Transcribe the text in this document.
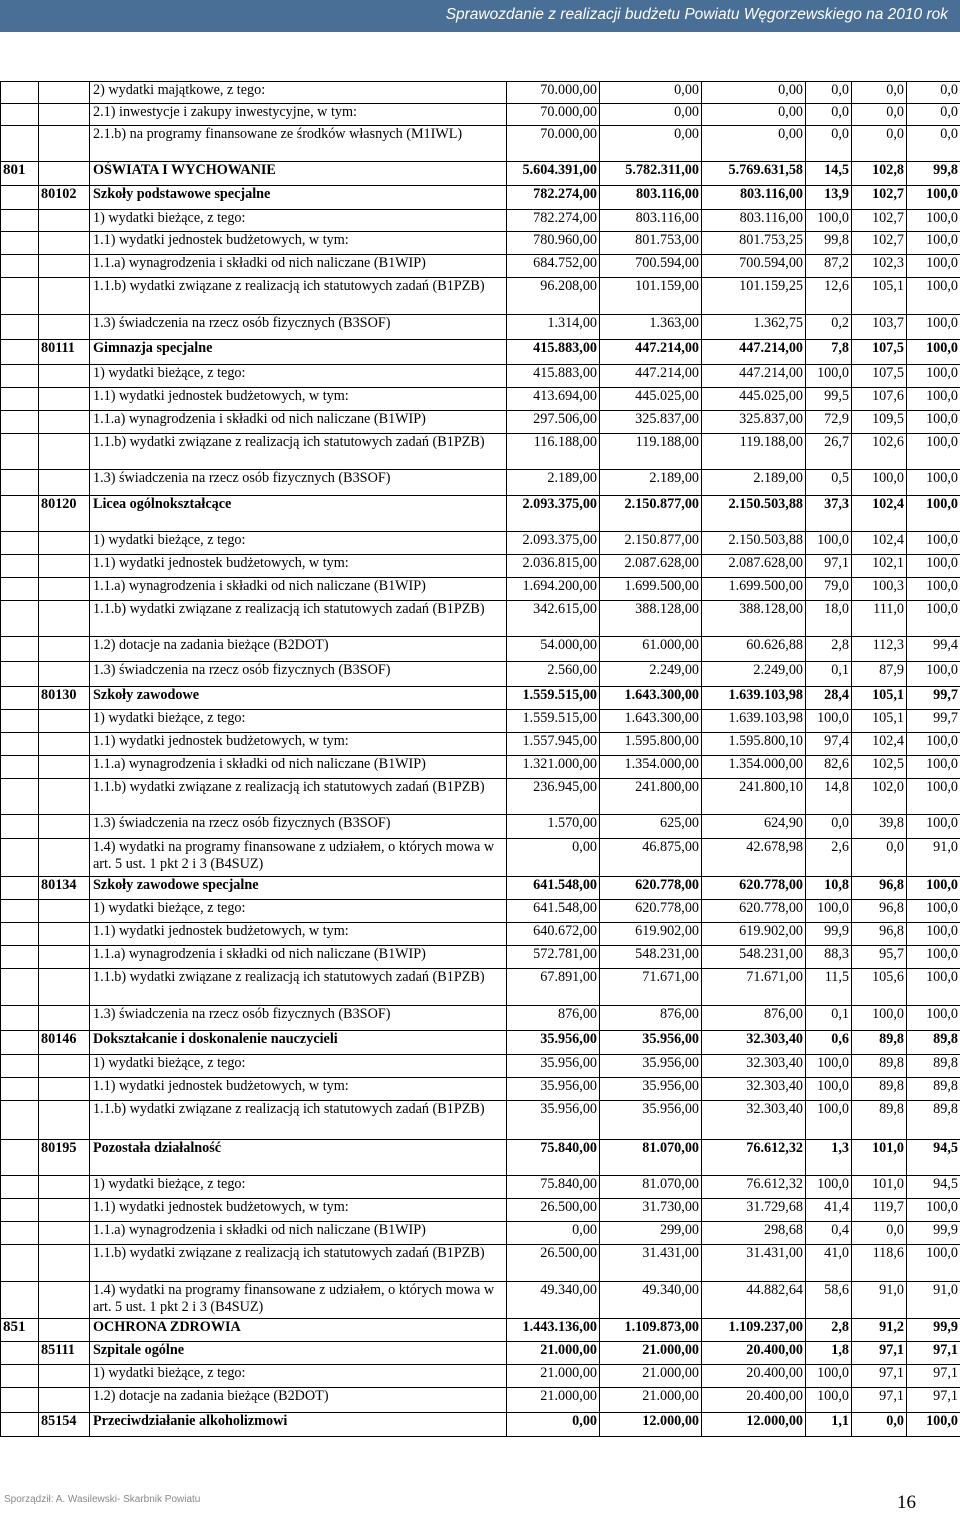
Sprawozdanie z realizacji budżetu Powiatu Węgorzewskiego na 2010 rok
		2) wydatki majątkowe, z tego:	70.000,00	0,00	0,00	0,0	0,0	0,0
		2.1) inwestycje i zakupy inwestycyjne, w tym:	70.000,00	0,00	0,00	0,0	0,0	0,0
		2.1.b) na programy finansowane ze środków własnych (M1IWL)	70.000,00	0,00	0,00	0,0	0,0	0,0
801		OŚWIATA I WYCHOWANIE	5.604.391,00	5.782.311,00	5.769.631,58	14,5	102,8	99,8
	80102	Szkoły podstawowe specjalne	782.274,00	803.116,00	803.116,00	13,9	102,7	100,0
		1) wydatki bieżące, z tego:	782.274,00	803.116,00	803.116,00	100,0	102,7	100,0
		1.1) wydatki jednostek budżetowych, w tym:	780.960,00	801.753,00	801.753,25	99,8	102,7	100,0
		1.1.a) wynagrodzenia i składki od nich naliczane (B1WIP)	684.752,00	700.594,00	700.594,00	87,2	102,3	100,0
		1.1.b) wydatki związane z realizacją ich statutowych zadań (B1PZB)	96.208,00	101.159,00	101.159,25	12,6	105,1	100,0
		1.3) świadczenia na rzecz osób fizycznych (B3SOF)	1.314,00	1.363,00	1.362,75	0,2	103,7	100,0
	80111	Gimnazja specjalne	415.883,00	447.214,00	447.214,00	7,8	107,5	100,0
		1) wydatki bieżące, z tego:	415.883,00	447.214,00	447.214,00	100,0	107,5	100,0
		1.1) wydatki jednostek budżetowych, w tym:	413.694,00	445.025,00	445.025,00	99,5	107,6	100,0
		1.1.a) wynagrodzenia i składki od nich naliczane (B1WIP)	297.506,00	325.837,00	325.837,00	72,9	109,5	100,0
		1.1.b) wydatki związane z realizacją ich statutowych zadań (B1PZB)	116.188,00	119.188,00	119.188,00	26,7	102,6	100,0
		1.3) świadczenia na rzecz osób fizycznych (B3SOF)	2.189,00	2.189,00	2.189,00	0,5	100,0	100,0
	80120	Licea ogólnokształcące	2.093.375,00	2.150.877,00	2.150.503,88	37,3	102,4	100,0
		1) wydatki bieżące, z tego:	2.093.375,00	2.150.877,00	2.150.503,88	100,0	102,4	100,0
		1.1) wydatki jednostek budżetowych, w tym:	2.036.815,00	2.087.628,00	2.087.628,00	97,1	102,1	100,0
		1.1.a) wynagrodzenia i składki od nich naliczane (B1WIP)	1.694.200,00	1.699.500,00	1.699.500,00	79,0	100,3	100,0
		1.1.b) wydatki związane z realizacją ich statutowych zadań (B1PZB)	342.615,00	388.128,00	388.128,00	18,0	111,0	100,0
		1.2) dotacje na zadania bieżące (B2DOT)	54.000,00	61.000,00	60.626,88	2,8	112,3	99,4
		1.3) świadczenia na rzecz osób fizycznych (B3SOF)	2.560,00	2.249,00	2.249,00	0,1	87,9	100,0
	80130	Szkoły zawodowe	1.559.515,00	1.643.300,00	1.639.103,98	28,4	105,1	99,7
		1) wydatki bieżące, z tego:	1.559.515,00	1.643.300,00	1.639.103,98	100,0	105,1	99,7
		1.1) wydatki jednostek budżetowych, w tym:	1.557.945,00	1.595.800,00	1.595.800,10	97,4	102,4	100,0
		1.1.a) wynagrodzenia i składki od nich naliczane (B1WIP)	1.321.000,00	1.354.000,00	1.354.000,00	82,6	102,5	100,0
		1.1.b) wydatki związane z realizacją ich statutowych zadań (B1PZB)	236.945,00	241.800,00	241.800,10	14,8	102,0	100,0
		1.3) świadczenia na rzecz osób fizycznych (B3SOF)	1.570,00	625,00	624,90	0,0	39,8	100,0
		1.4) wydatki na programy finansowane z udziałem, o których mowa w art. 5 ust. 1 pkt 2 i 3 (B4SUZ)	0,00	46.875,00	42.678,98	2,6	0,0	91,0
	80134	Szkoły zawodowe specjalne	641.548,00	620.778,00	620.778,00	10,8	96,8	100,0
		1) wydatki bieżące, z tego:	641.548,00	620.778,00	620.778,00	100,0	96,8	100,0
		1.1) wydatki jednostek budżetowych, w tym:	640.672,00	619.902,00	619.902,00	99,9	96,8	100,0
		1.1.a) wynagrodzenia i składki od nich naliczane (B1WIP)	572.781,00	548.231,00	548.231,00	88,3	95,7	100,0
		1.1.b) wydatki związane z realizacją ich statutowych zadań (B1PZB)	67.891,00	71.671,00	71.671,00	11,5	105,6	100,0
		1.3) świadczenia na rzecz osób fizycznych (B3SOF)	876,00	876,00	876,00	0,1	100,0	100,0
	80146	Dokształcanie i doskonalenie nauczycieli	35.956,00	35.956,00	32.303,40	0,6	89,8	89,8
		1) wydatki bieżące, z tego:	35.956,00	35.956,00	32.303,40	100,0	89,8	89,8
		1.1) wydatki jednostek budżetowych, w tym:	35.956,00	35.956,00	32.303,40	100,0	89,8	89,8
		1.1.b) wydatki związane z realizacją ich statutowych zadań (B1PZB)	35.956,00	35.956,00	32.303,40	100,0	89,8	89,8
	80195	Pozostała działalność	75.840,00	81.070,00	76.612,32	1,3	101,0	94,5
		1) wydatki bieżące, z tego:	75.840,00	81.070,00	76.612,32	100,0	101,0	94,5
		1.1) wydatki jednostek budżetowych, w tym:	26.500,00	31.730,00	31.729,68	41,4	119,7	100,0
		1.1.a) wynagrodzenia i składki od nich naliczane (B1WIP)	0,00	299,00	298,68	0,4	0,0	99,9
		1.1.b) wydatki związane z realizacją ich statutowych zadań (B1PZB)	26.500,00	31.431,00	31.431,00	41,0	118,6	100,0
		1.4) wydatki na programy finansowane z udziałem, o których mowa w art. 5 ust. 1 pkt 2 i 3 (B4SUZ)	49.340,00	49.340,00	44.882,64	58,6	91,0	91,0
851		OCHRONA ZDROWIA	1.443.136,00	1.109.873,00	1.109.237,00	2,8	91,2	99,9
	85111	Szpitale ogólne	21.000,00	21.000,00	20.400,00	1,8	97,1	97,1
		1) wydatki bieżące, z tego:	21.000,00	21.000,00	20.400,00	100,0	97,1	97,1
		1.2) dotacje na zadania bieżące (B2DOT)	21.000,00	21.000,00	20.400,00	100,0	97,1	97,1
	85154	Przeciwdziałanie alkoholizmowi	0,00	12.000,00	12.000,00	1,1	0,0	100,0
Sporządził: A. Wasilewski- Skarbnik Powiatu	16
